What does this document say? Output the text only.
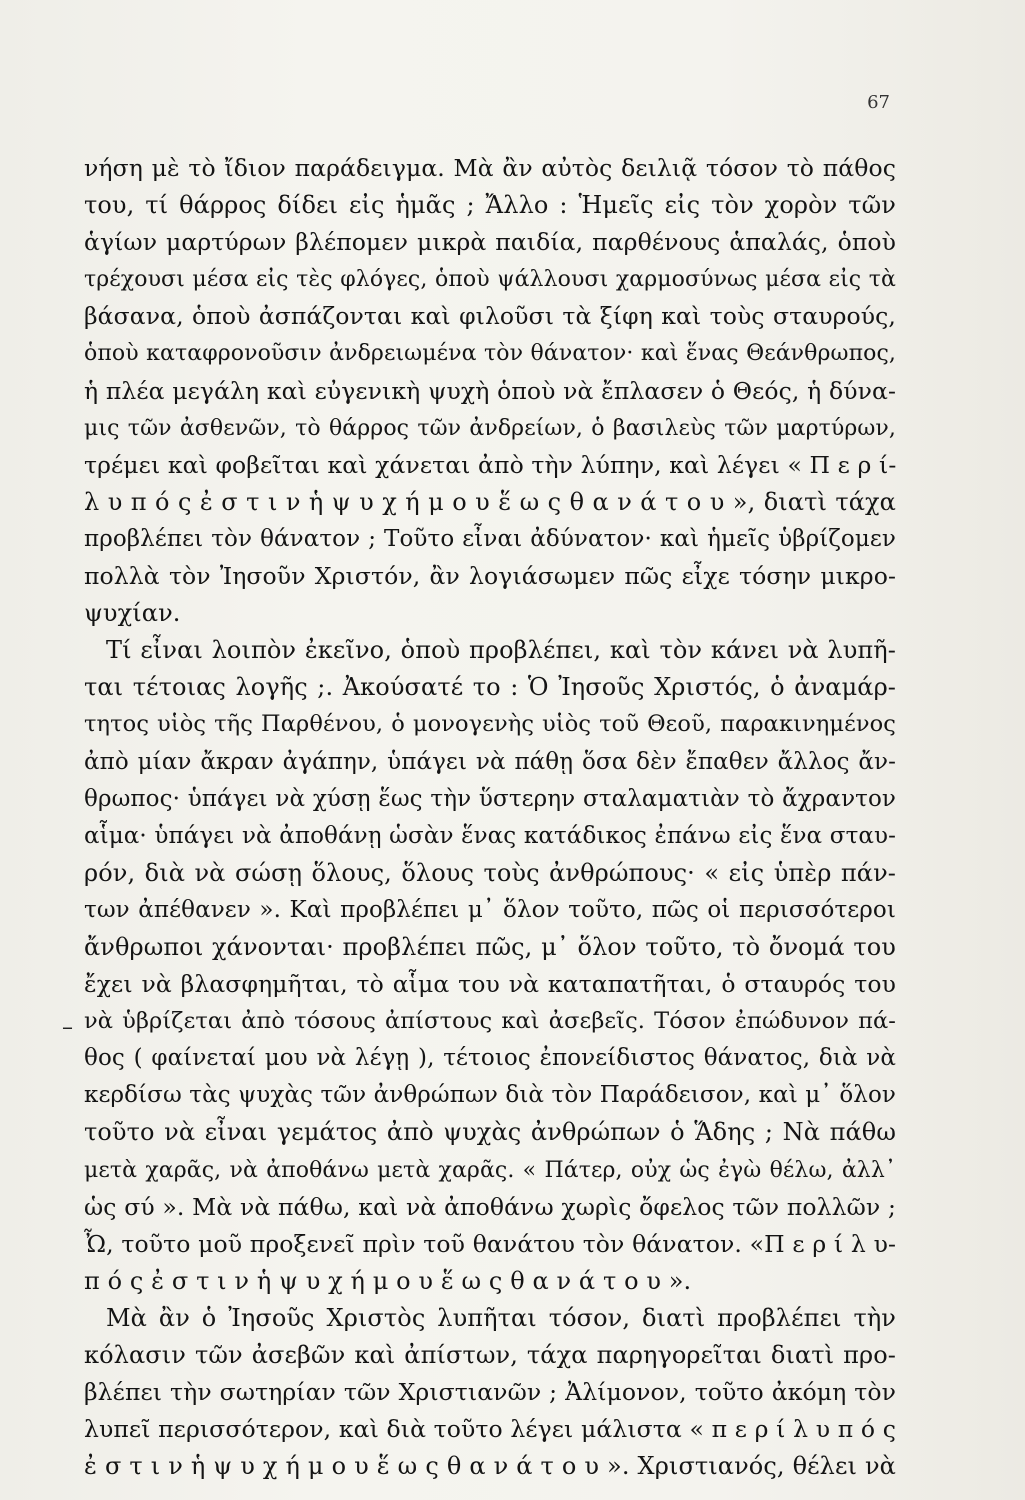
67
–
νήση μὲ τὸ ἴδιον παράδειγμα. Μὰ ἂν αὐτὸς δειλιᾷ τόσον τὸ πάθος
του, τί θάρρος δίδει εἰς ἡμᾶς ; Ἄλλο : Ἡμεῖς εἰς τὸν χορὸν τῶν
ἁγίων μαρτύρων βλέπομεν μικρὰ παιδία, παρθένους ἁπαλάς, ὁποὺ
τρέχουσι μέσα εἰς τὲς φλόγες, ὁποὺ ψάλλουσι χαρμοσύνως μέσα εἰς τὰ
βάσανα, ὁποὺ ἀσπάζονται καὶ φιλοῦσι τὰ ξίφη καὶ τοὺς σταυρούς,
ὁποὺ καταφρονοῦσιν ἀνδρειωμένα τὸν θάνατον· καὶ ἕνας Θεάνθρωπος,
ἡ πλέα μεγάλη καὶ εὐγενικὴ ψυχὴ ὁποὺ νὰ ἔπλασεν ὁ Θεός, ἡ δύνα-
μις τῶν ἀσθενῶν, τὸ θάρρος τῶν ἀνδρείων, ὁ βασιλεὺς τῶν μαρτύρων,
τρέμει καὶ φοβεῖται καὶ χάνεται ἀπὸ τὴν λύπην, καὶ λέγει « Π ε ρ ί-
λ υ π ό ς ἐ σ τ ι ν ἡ ψ υ χ ή μ ο υ ἕ ω ς θ α ν ά τ ο υ », διατὶ τάχα
προβλέπει τὸν θάνατον ; Τοῦτο εἶναι ἀδύνατον· καὶ ἡμεῖς ὑβρίζομεν
πολλὰ τὸν Ἰησοῦν Χριστόν, ἂν λογιάσωμεν πῶς εἶχε τόσην μικρο-
ψυχίαν.
Τί εἶναι λοιπὸν ἐκεῖνο, ὁποὺ προβλέπει, καὶ τὸν κάνει νὰ λυπῆ-
ται τέτοιας λογῆς ;. Ἀκούσατέ το : Ὁ Ἰησοῦς Χριστός, ὁ ἀναμάρ-
τητος υἱὸς τῆς Παρθένου, ὁ μονογενὴς υἱὸς τοῦ Θεοῦ, παρακινημένος
ἀπὸ μίαν ἄκραν ἀγάπην, ὑπάγει νὰ πάθῃ ὅσα δὲν ἔπαθεν ἄλλος ἄν-
θρωπος· ὑπάγει νὰ χύσῃ ἕως τὴν ὕστερην σταλαματιὰν τὸ ἄχραντον
αἷμα· ὑπάγει νὰ ἀποθάνῃ ὡσὰν ἕνας κατάδικος ἐπάνω εἰς ἕνα σταυ-
ρόν, διὰ νὰ σώσῃ ὅλους, ὅλους τοὺς ἀνθρώπους· « εἰς ὑπὲρ πάν-
των ἀπέθανεν ». Καὶ προβλέπει μ᾽ ὅλον τοῦτο, πῶς οἱ περισσότεροι
ἄνθρωποι χάνονται· προβλέπει πῶς, μ᾽ ὅλον τοῦτο, τὸ ὄνομά του
ἔχει νὰ βλασφημῆται, τὸ αἷμα του νὰ καταπατῆται, ὁ σταυρός του
νὰ ὑβρίζεται ἀπὸ τόσους ἀπίστους καὶ ἀσεβεῖς. Τόσον ἐπώδυνον πά-
θος ( φαίνεταί μου νὰ λέγῃ ), τέτοιος ἐπονείδιστος θάνατος, διὰ νὰ
κερδίσω τὰς ψυχὰς τῶν ἀνθρώπων διὰ τὸν Παράδεισον, καὶ μ᾽ ὅλον
τοῦτο νὰ εἶναι γεμάτος ἀπὸ ψυχὰς ἀνθρώπων ὁ Ἅδης ; Νὰ πάθω
μετὰ χαρᾶς, νὰ ἀποθάνω μετὰ χαρᾶς. « Πάτερ, οὐχ ὡς ἐγὼ θέλω, ἀλλ᾽
ὡς σύ ». Μὰ νὰ πάθω, καὶ νὰ ἀποθάνω χωρὶς ὄφελος τῶν πολλῶν ;
Ὦ, τοῦτο μοῦ προξενεῖ πρὶν τοῦ θανάτου τὸν θάνατον. «Π ε ρ ί λ υ-
π ό ς ἐ σ τ ι ν ἡ ψ υ χ ή μ ο υ ἕ ω ς θ α ν ά τ ο υ ».
Μὰ ἂν ὁ Ἰησοῦς Χριστὸς λυπῆται τόσον, διατὶ προβλέπει τὴν
κόλασιν τῶν ἀσεβῶν καὶ ἀπίστων, τάχα παρηγορεῖται διατὶ προ-
βλέπει τὴν σωτηρίαν τῶν Χριστιανῶν ; Ἀλίμονον, τοῦτο ἀκόμη τὸν
λυπεῖ περισσότερον, καὶ διὰ τοῦτο λέγει μάλιστα « π ε ρ ί λ υ π ό ς
ἐ σ τ ι ν ἡ ψ υ χ ή μ ο υ ἕ ω ς θ α ν ά τ ο υ ». Χριστιανός, θέλει νὰ
